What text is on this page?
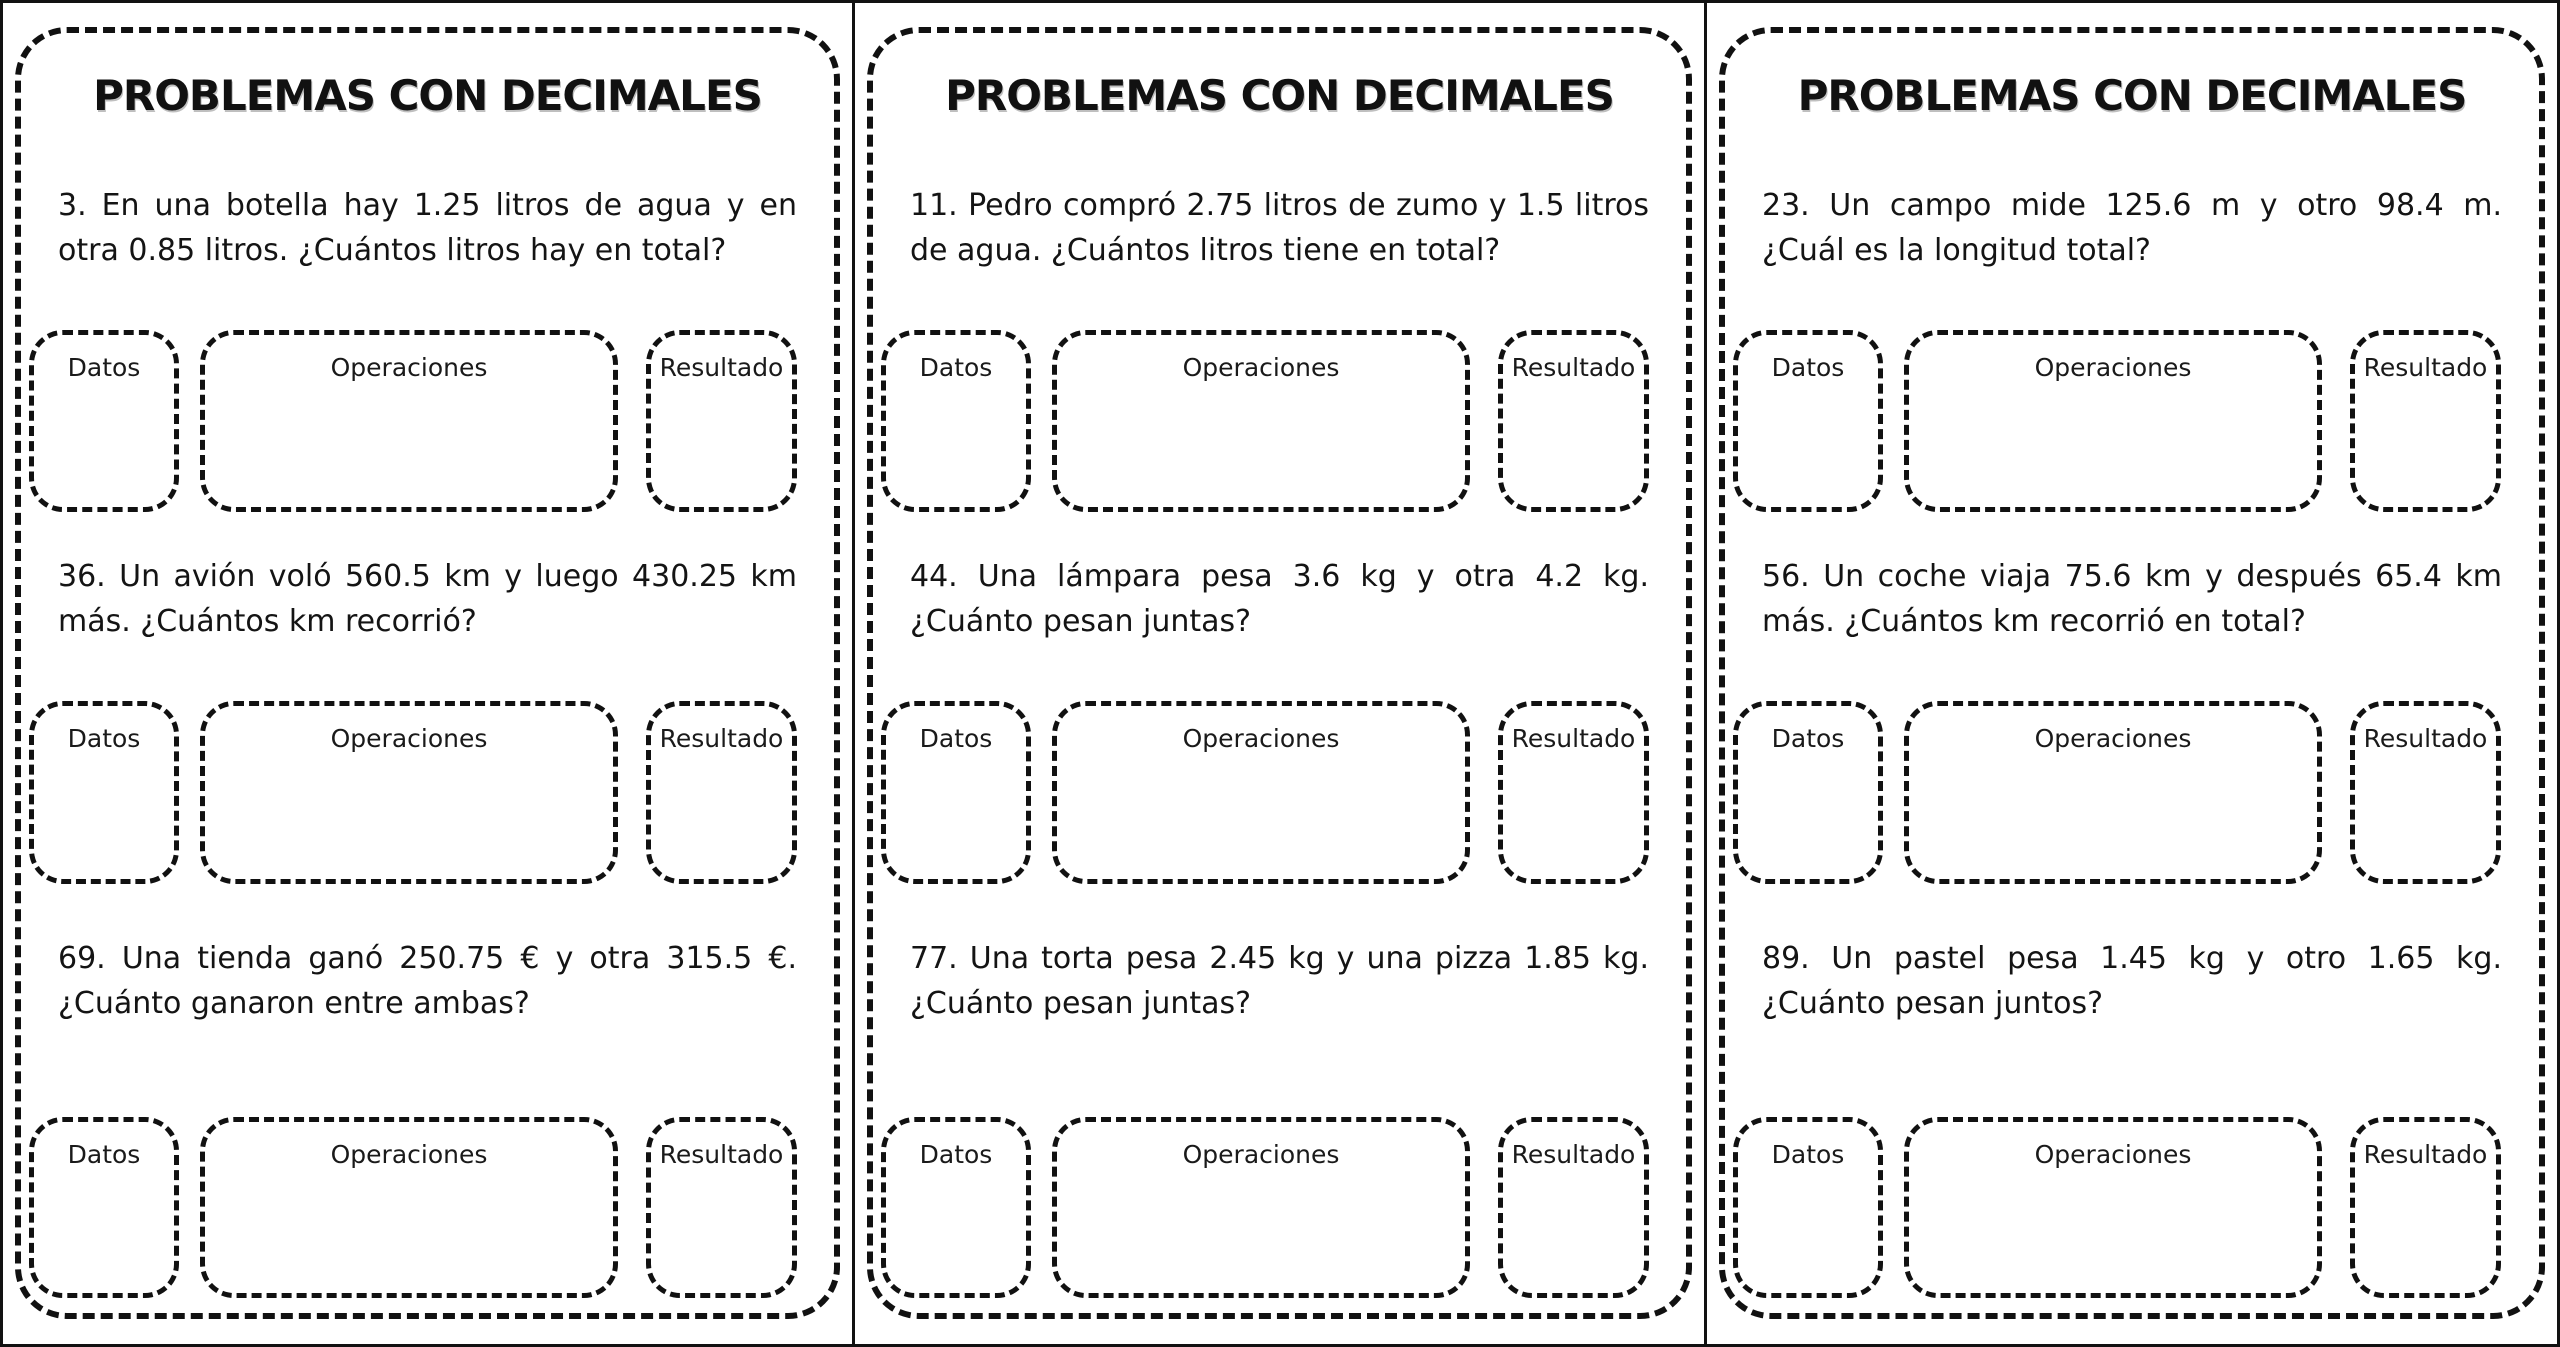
PROBLEMAS CON DECIMALES

3. En una botella hay 1.25 litros de agua y en otra 0.85 litros. ¿Cuántos litros hay en total?

Datos	Operaciones	Resultado

36. Un avión voló 560.5 km y luego 430.25 km más. ¿Cuántos km recorrió?

Datos	Operaciones	Resultado

69. Una tienda ganó 250.75 € y otra 315.5 €. ¿Cuánto ganaron entre ambas?

Datos	Operaciones	Resultado
PROBLEMAS CON DECIMALES

11. Pedro compró 2.75 litros de zumo y 1.5 litros de agua. ¿Cuántos litros tiene en total?

Datos	Operaciones	Resultado

44. Una lámpara pesa 3.6 kg y otra 4.2 kg. ¿Cuánto pesan juntas?

Datos	Operaciones	Resultado

77. Una torta pesa 2.45 kg y una pizza 1.85 kg. ¿Cuánto pesan juntas?

Datos	Operaciones	Resultado
PROBLEMAS CON DECIMALES

23. Un campo mide 125.6 m y otro 98.4 m. ¿Cuál es la longitud total?

Datos	Operaciones	Resultado

56. Un coche viaja 75.6 km y después 65.4 km más. ¿Cuántos km recorrió en total?

Datos	Operaciones	Resultado

89. Un pastel pesa 1.45 kg y otro 1.65 kg. ¿Cuánto pesan juntos?

Datos	Operaciones	Resultado
